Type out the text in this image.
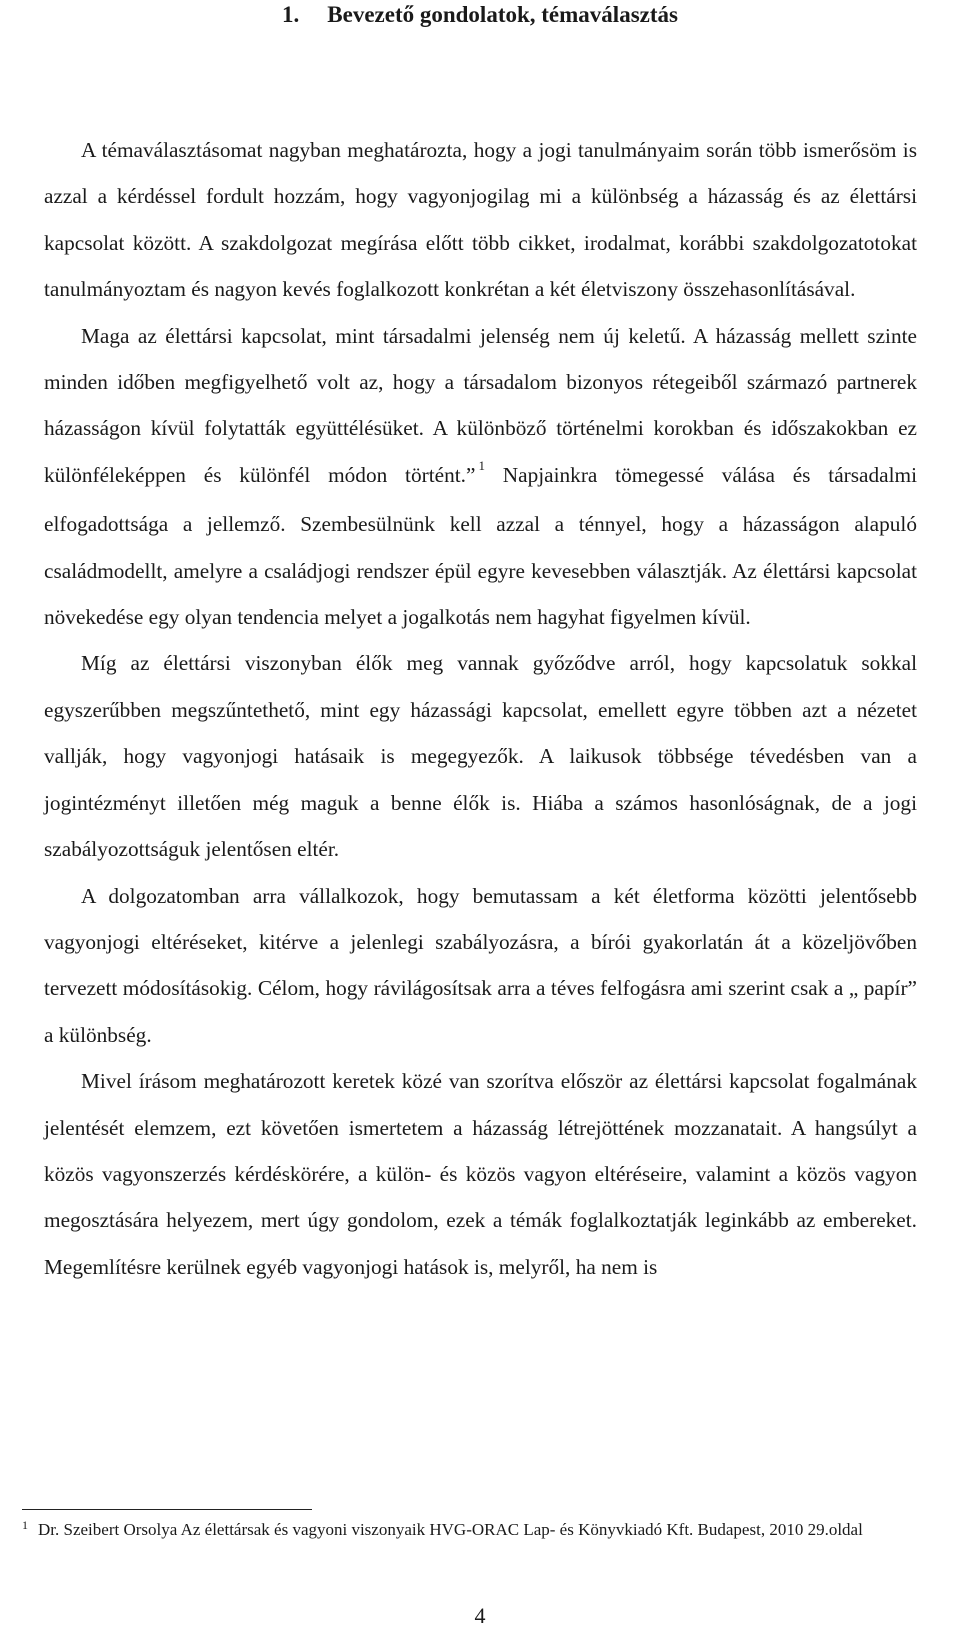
1. Bevezető gondolatok, témaválasztás

A témaválasztásomat nagyban meghatározta, hogy a jogi tanulmányaim során több ismerősöm is azzal a kérdéssel fordult hozzám, hogy vagyonjogilag mi a különbség a házasság és az élettársi kapcsolat között. A szakdolgozat megírása előtt több cikket, irodalmat, korábbi szakdolgozatotokat tanulmányoztam és nagyon kevés foglalkozott konkrétan a két életviszony összehasonlításával.

Maga az élettársi kapcsolat, mint társadalmi jelenség nem új keletű. A házasság mellett szinte minden időben megfigyelhető volt az, hogy a társadalom bizonyos rétegeiből származó partnerek házasságon kívül folytatták együttélésüket. A különböző történelmi korokban és időszakokban ez különféleképpen és különfél módon történt.” $^1$ Napjainkra tömegessé válása és társadalmi elfogadottsága a jellemző. Szembesülnünk kell azzal a ténnyel, hogy a házasságon alapuló családmodellt, amelyre a családjogi rendszer épül egyre kevesebben választják. Az élettársi kapcsolat növekedése egy olyan tendencia melyet a jogalkotás nem hagyhat figyelmen kívül.

Míg az élettársi viszonyban élők meg vannak győződve arról, hogy kapcsolatuk sokkal egyszerűbben megszűntethető, mint egy házassági kapcsolat, emellett egyre többen azt a nézetet vallják, hogy vagyonjogi hatásaik is megegyezők. A laikusok többsége tévedésben van a jogintézményt illetően még maguk a benne élők is. Hiába a számos hasonlóságnak, de a jogi szabályozottságuk jelentősen eltér.

A dolgozatomban arra vállalkozok, hogy bemutassam a két életforma közötti jelentősebb vagyonjogi eltéréseket, kitérve a jelenlegi szabályozásra, a bírói gyakorlatán át a közeljövőben tervezett módosításokig. Célom, hogy rávilágosítsak arra a téves felfogásra ami szerint csak a „ papír” a különbség.

Mivel írásom meghatározott keretek közé van szorítva először az élettársi kapcsolat fogalmának jelentését elemzem, ezt követően ismertetem a házasság létrejöttének mozzanatait. A hangsúlyt a közös vagyonszerzés kérdéskörére, a külön- és közös vagyon eltéréseire, valamint a közös vagyon megosztására helyezem, mert úgy gondolom, ezek a témák foglalkoztatják leginkább az embereket. Megemlítésre kerülnek egyéb vagyonjogi hatások is, melyről, ha nem is

$^1$ Dr. Szeibert Orsolya Az élettársak és vagyoni viszonyaik HVG-ORAC Lap- és Könyvkiadó Kft. Budapest, 2010 29.oldal
4
